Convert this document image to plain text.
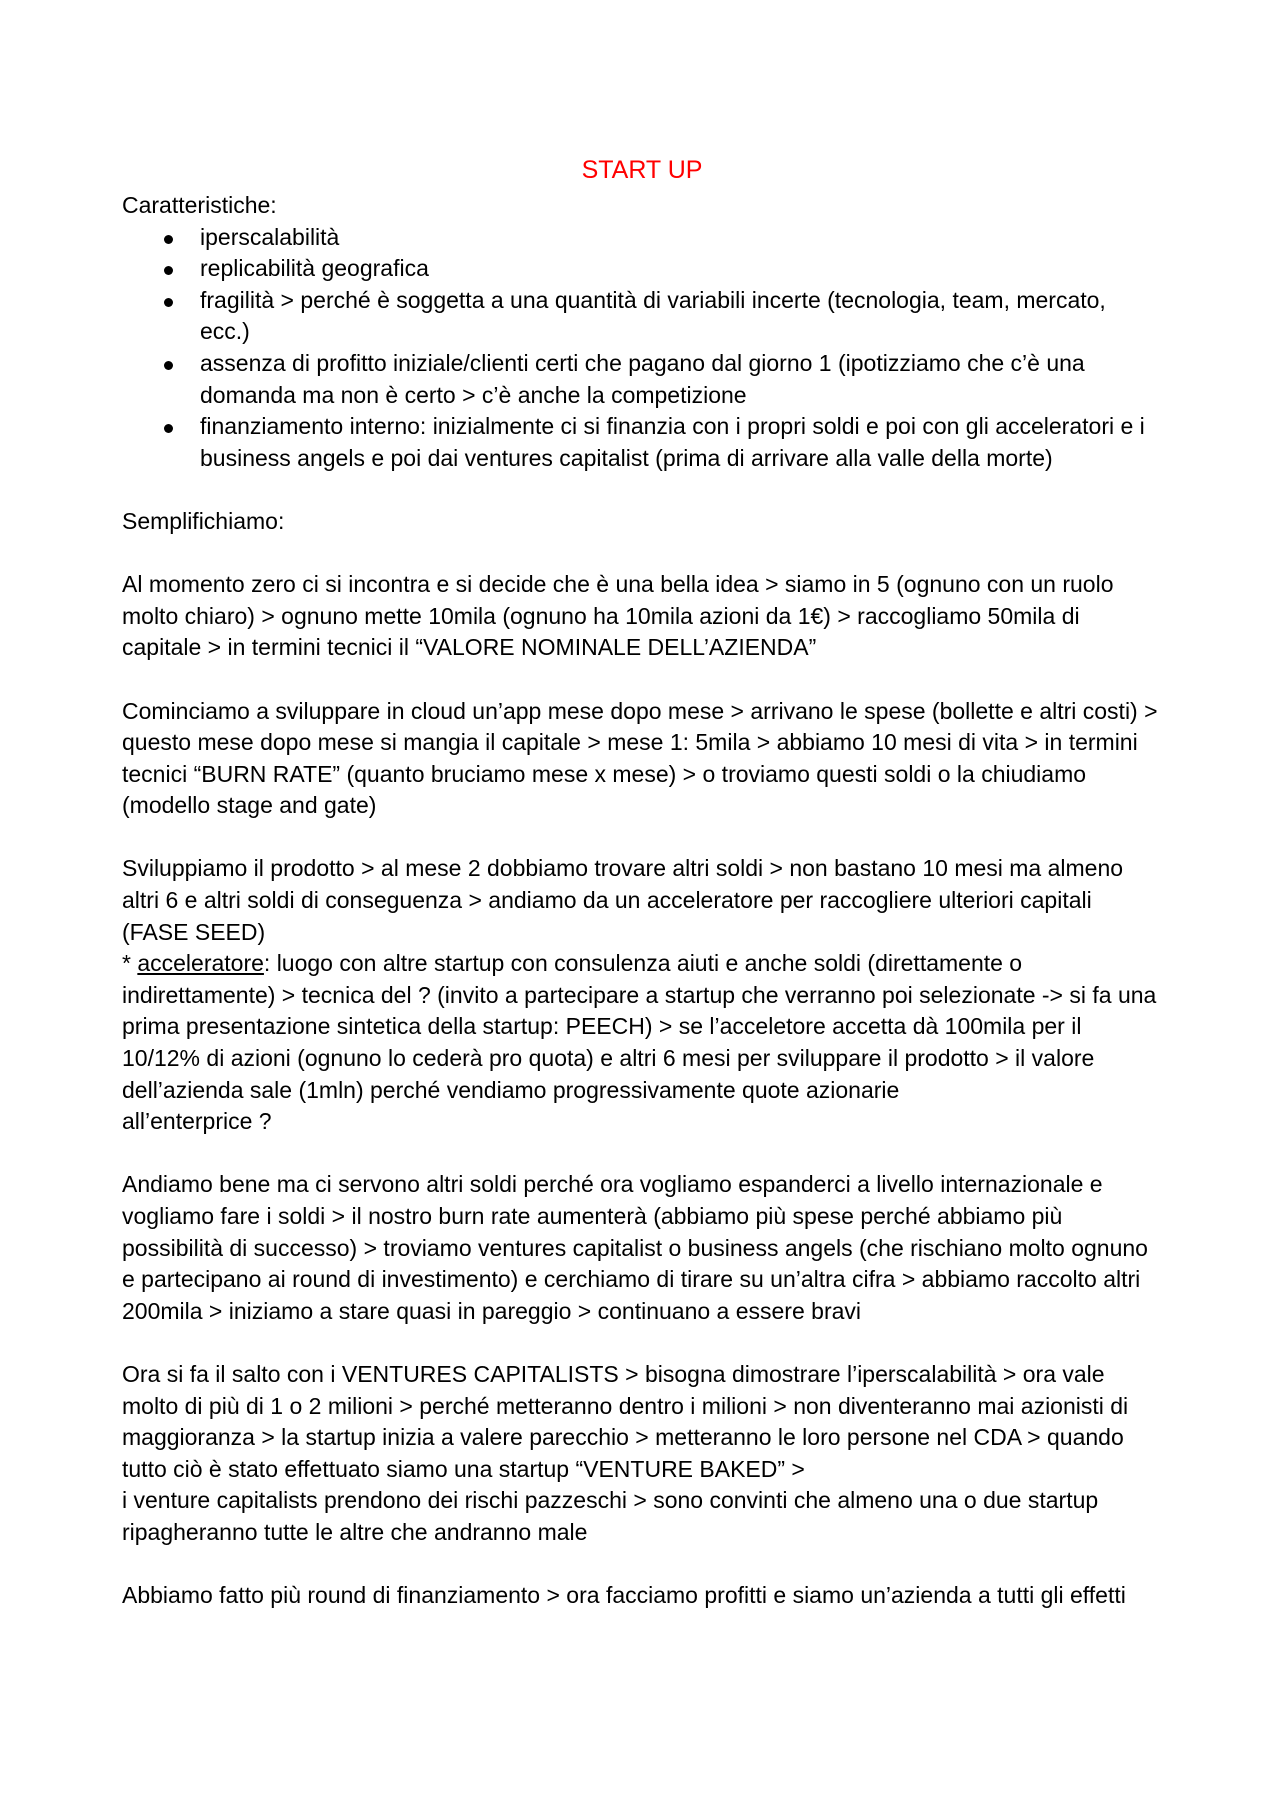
START UP

Caratteristiche:

iperscalabilità
replicabilità geografica
fragilità > perché è soggetta a una quantità di variabili incerte (tecnologia, team, mercato, ecc.)
assenza di profitto iniziale/clienti certi che pagano dal giorno 1 (ipotizziamo che c’è una domanda ma non è certo > c’è anche la competizione
finanziamento interno: inizialmente ci si finanzia con i propri soldi e poi con gli acceleratori e i business angels e poi dai ventures capitalist (prima di arrivare alla valle della morte)

Semplifichiamo:

Al momento zero ci si incontra e si decide che è una bella idea > siamo in 5 (ognuno con un ruolo molto chiaro) > ognuno mette 10mila (ognuno ha 10mila azioni da 1€) > raccogliamo 50mila di capitale > in termini tecnici il “VALORE NOMINALE DELL’AZIENDA”

Cominciamo a sviluppare in cloud un’app mese dopo mese > arrivano le spese (bollette e altri costi) > questo mese dopo mese si mangia il capitale > mese 1: 5mila > abbiamo 10 mesi di vita > in termini tecnici “BURN RATE” (quanto bruciamo mese x mese) > o troviamo questi soldi o la chiudiamo (modello stage and gate)

Sviluppiamo il prodotto > al mese 2 dobbiamo trovare altri soldi > non bastano 10 mesi ma almeno altri 6 e altri soldi di conseguenza > andiamo da un acceleratore per raccogliere ulteriori capitali (FASE SEED)

* acceleratore: luogo con altre startup con consulenza aiuti e anche soldi (direttamente o indirettamente) > tecnica del ? (invito a partecipare a startup che verranno poi selezionate -> si fa una prima presentazione sintetica della startup: PEECH) > se l’acceletore accetta dà 100mila per il 10/12% di azioni (ognuno lo cederà pro quota) e altri 6 mesi per sviluppare il prodotto > il valore dell’azienda sale (1mln) perché vendiamo progressivamente quote azionarie

all’enterprice ?

Andiamo bene ma ci servono altri soldi perché ora vogliamo espanderci a livello internazionale e vogliamo fare i soldi > il nostro burn rate aumenterà (abbiamo più spese perché abbiamo più possibilità di successo) > troviamo ventures capitalist o business angels (che rischiano molto ognuno e partecipano ai round di investimento) e cerchiamo di tirare su un’altra cifra > abbiamo raccolto altri 200mila > iniziamo a stare quasi in pareggio > continuano a essere bravi

Ora si fa il salto con i VENTURES CAPITALISTS > bisogna dimostrare l’iperscalabilità > ora vale molto di più di 1 o 2 milioni > perché metteranno dentro i milioni > non diventeranno mai azionisti di maggioranza > la startup inizia a valere parecchio > metteranno le loro persone nel CDA > quando tutto ciò è stato effettuato siamo una startup “VENTURE BAKED” >

i venture capitalists prendono dei rischi pazzeschi > sono convinti che almeno una o due startup ripagheranno tutte le altre che andranno male

Abbiamo fatto più round di finanziamento > ora facciamo profitti e siamo un’azienda a tutti gli effetti
